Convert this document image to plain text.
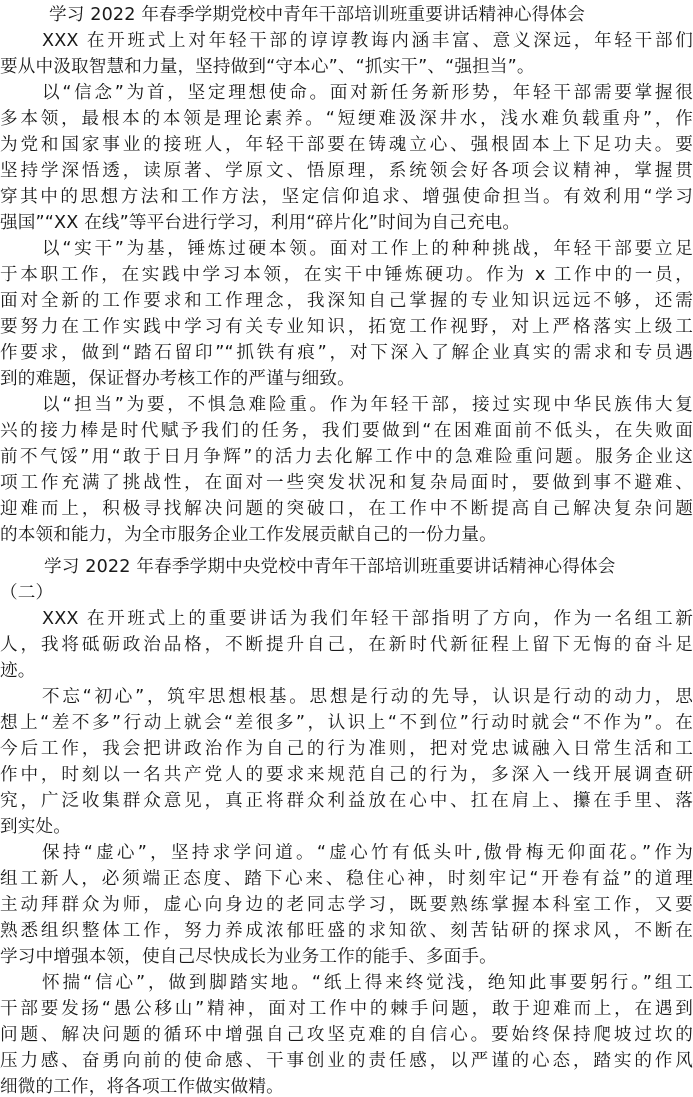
学习 2022 年春季学期党校中青年干部培训班重要讲话精神心得体会
XXX 在开班式上对年轻干部的谆谆教诲内涵丰富、意义深远，年轻干部们
要从中汲取智慧和力量，坚持做到“守本心”、“抓实干”、“强担当”。
以“信念”为首，坚定理想使命。面对新任务新形势，年轻干部需要掌握很
多本领，最根本的本领是理论素养。“短绠难汲深井水，浅水难负载重舟”，作
为党和国家事业的接班人，年轻干部要在铸魂立心、强根固本上下足功夫。要
坚持学深悟透，读原著、学原文、悟原理，系统领会好各项会议精神，掌握贯
穿其中的思想方法和工作方法，坚定信仰追求、增强使命担当。有效利用“学习
强国”“XX 在线”等平台进行学习，利用“碎片化”时间为自己充电。
以“实干”为基，锤炼过硬本领。面对工作上的种种挑战，年轻干部要立足
于本职工作，在实践中学习本领，在实干中锤炼硬功。作为 x 工作中的一员，
面对全新的工作要求和工作理念，我深知自己掌握的专业知识远远不够，还需
要努力在工作实践中学习有关专业知识，拓宽工作视野，对上严格落实上级工
作要求，做到“踏石留印”“抓铁有痕”，对下深入了解企业真实的需求和专员遇
到的难题，保证督办考核工作的严谨与细致。
以“担当”为要，不惧急难险重。作为年轻干部，接过实现中华民族伟大复
兴的接力棒是时代赋予我们的任务，我们要做到“在困难面前不低头，在失败面
前不气馁”用“敢于日月争辉”的活力去化解工作中的急难险重问题。服务企业这
项工作充满了挑战性，在面对一些突发状况和复杂局面时，要做到事不避难、
迎难而上，积极寻找解决问题的突破口，在工作中不断提高自己解决复杂问题
的本领和能力，为全市服务企业工作发展贡献自己的一份力量。
学习 2022 年春季学期中央党校中青年干部培训班重要讲话精神心得体会
（二）
XXX 在开班式上的重要讲话为我们年轻干部指明了方向，作为一名组工新
人，我将砥砺政治品格，不断提升自己，在新时代新征程上留下无悔的奋斗足
迹。
不忘“初心”，筑牢思想根基。思想是行动的先导，认识是行动的动力，思
想上“差不多”行动上就会“差很多”，认识上“不到位”行动时就会“不作为”。在
今后工作，我会把讲政治作为自己的行为准则，把对党忠诚融入日常生活和工
作中，时刻以一名共产党人的要求来规范自己的行为，多深入一线开展调查研
究，广泛收集群众意见，真正将群众利益放在心中、扛在肩上、攥在手里、落
到实处。
保持“虚心”，坚持求学问道。“虚心竹有低头叶,傲骨梅无仰面花。”作为
组工新人，必须端正态度、踏下心来、稳住心神，时刻牢记“开卷有益”的道理
主动拜群众为师，虚心向身边的老同志学习，既要熟练掌握本科室工作，又要
熟悉组织整体工作，努力养成浓郁旺盛的求知欲、刻苦钻研的探求风，不断在
学习中增强本领，使自己尽快成长为业务工作的能手、多面手。
怀揣“信心”，做到脚踏实地。“纸上得来终觉浅，绝知此事要躬行。”组工
干部要发扬“愚公移山”精神，面对工作中的棘手问题，敢于迎难而上，在遇到
问题、解决问题的循环中增强自己攻坚克难的自信心。要始终保持爬坡过坎的
压力感、奋勇向前的使命感、干事创业的责任感，以严谨的心态，踏实的作风
细微的工作，将各项工作做实做精。
